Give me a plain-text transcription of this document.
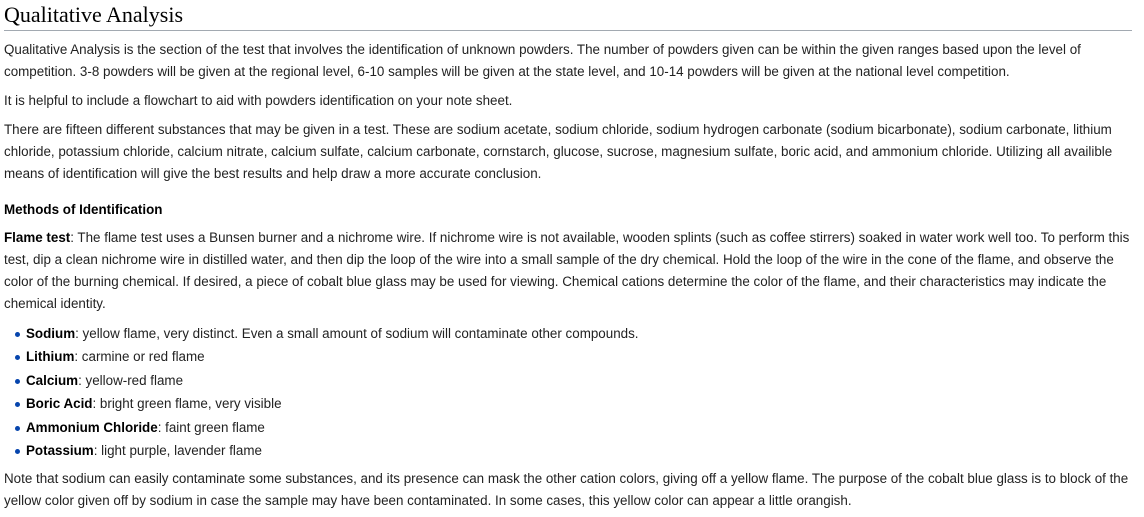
Qualitative Analysis

Qualitative Analysis is the section of the test that involves the identification of unknown powders. The number of powders given can be within the given ranges based upon the level of competition. 3-8 powders will be given at the regional level, 6-10 samples will be given at the state level, and 10-14 powders will be given at the national level competition.

It is helpful to include a flowchart to aid with powders identification on your note sheet.

There are fifteen different substances that may be given in a test. These are sodium acetate, sodium chloride, sodium hydrogen carbonate (sodium bicarbonate), sodium carbonate, lithium chloride, potassium chloride, calcium nitrate, calcium sulfate, calcium carbonate, cornstarch, glucose, sucrose, magnesium sulfate, boric acid, and ammonium chloride. Utilizing all availible means of identification will give the best results and help draw a more accurate conclusion.

Methods of Identification

Flame test: The flame test uses a Bunsen burner and a nichrome wire. If nichrome wire is not available, wooden splints (such as coffee stirrers) soaked in water work well too. To perform this test, dip a clean nichrome wire in distilled water, and then dip the loop of the wire into a small sample of the dry chemical. Hold the loop of the wire in the cone of the flame, and observe the color of the burning chemical. If desired, a piece of cobalt blue glass may be used for viewing. Chemical cations determine the color of the flame, and their characteristics may indicate the chemical identity.

Sodium: yellow flame, very distinct. Even a small amount of sodium will contaminate other compounds.
Lithium: carmine or red flame
Calcium: yellow-red flame
Boric Acid: bright green flame, very visible
Ammonium Chloride: faint green flame
Potassium: light purple, lavender flame

Note that sodium can easily contaminate some substances, and its presence can mask the other cation colors, giving off a yellow flame. The purpose of the cobalt blue glass is to block of the yellow color given off by sodium in case the sample may have been contaminated. In some cases, this yellow color can appear a little orangish.
